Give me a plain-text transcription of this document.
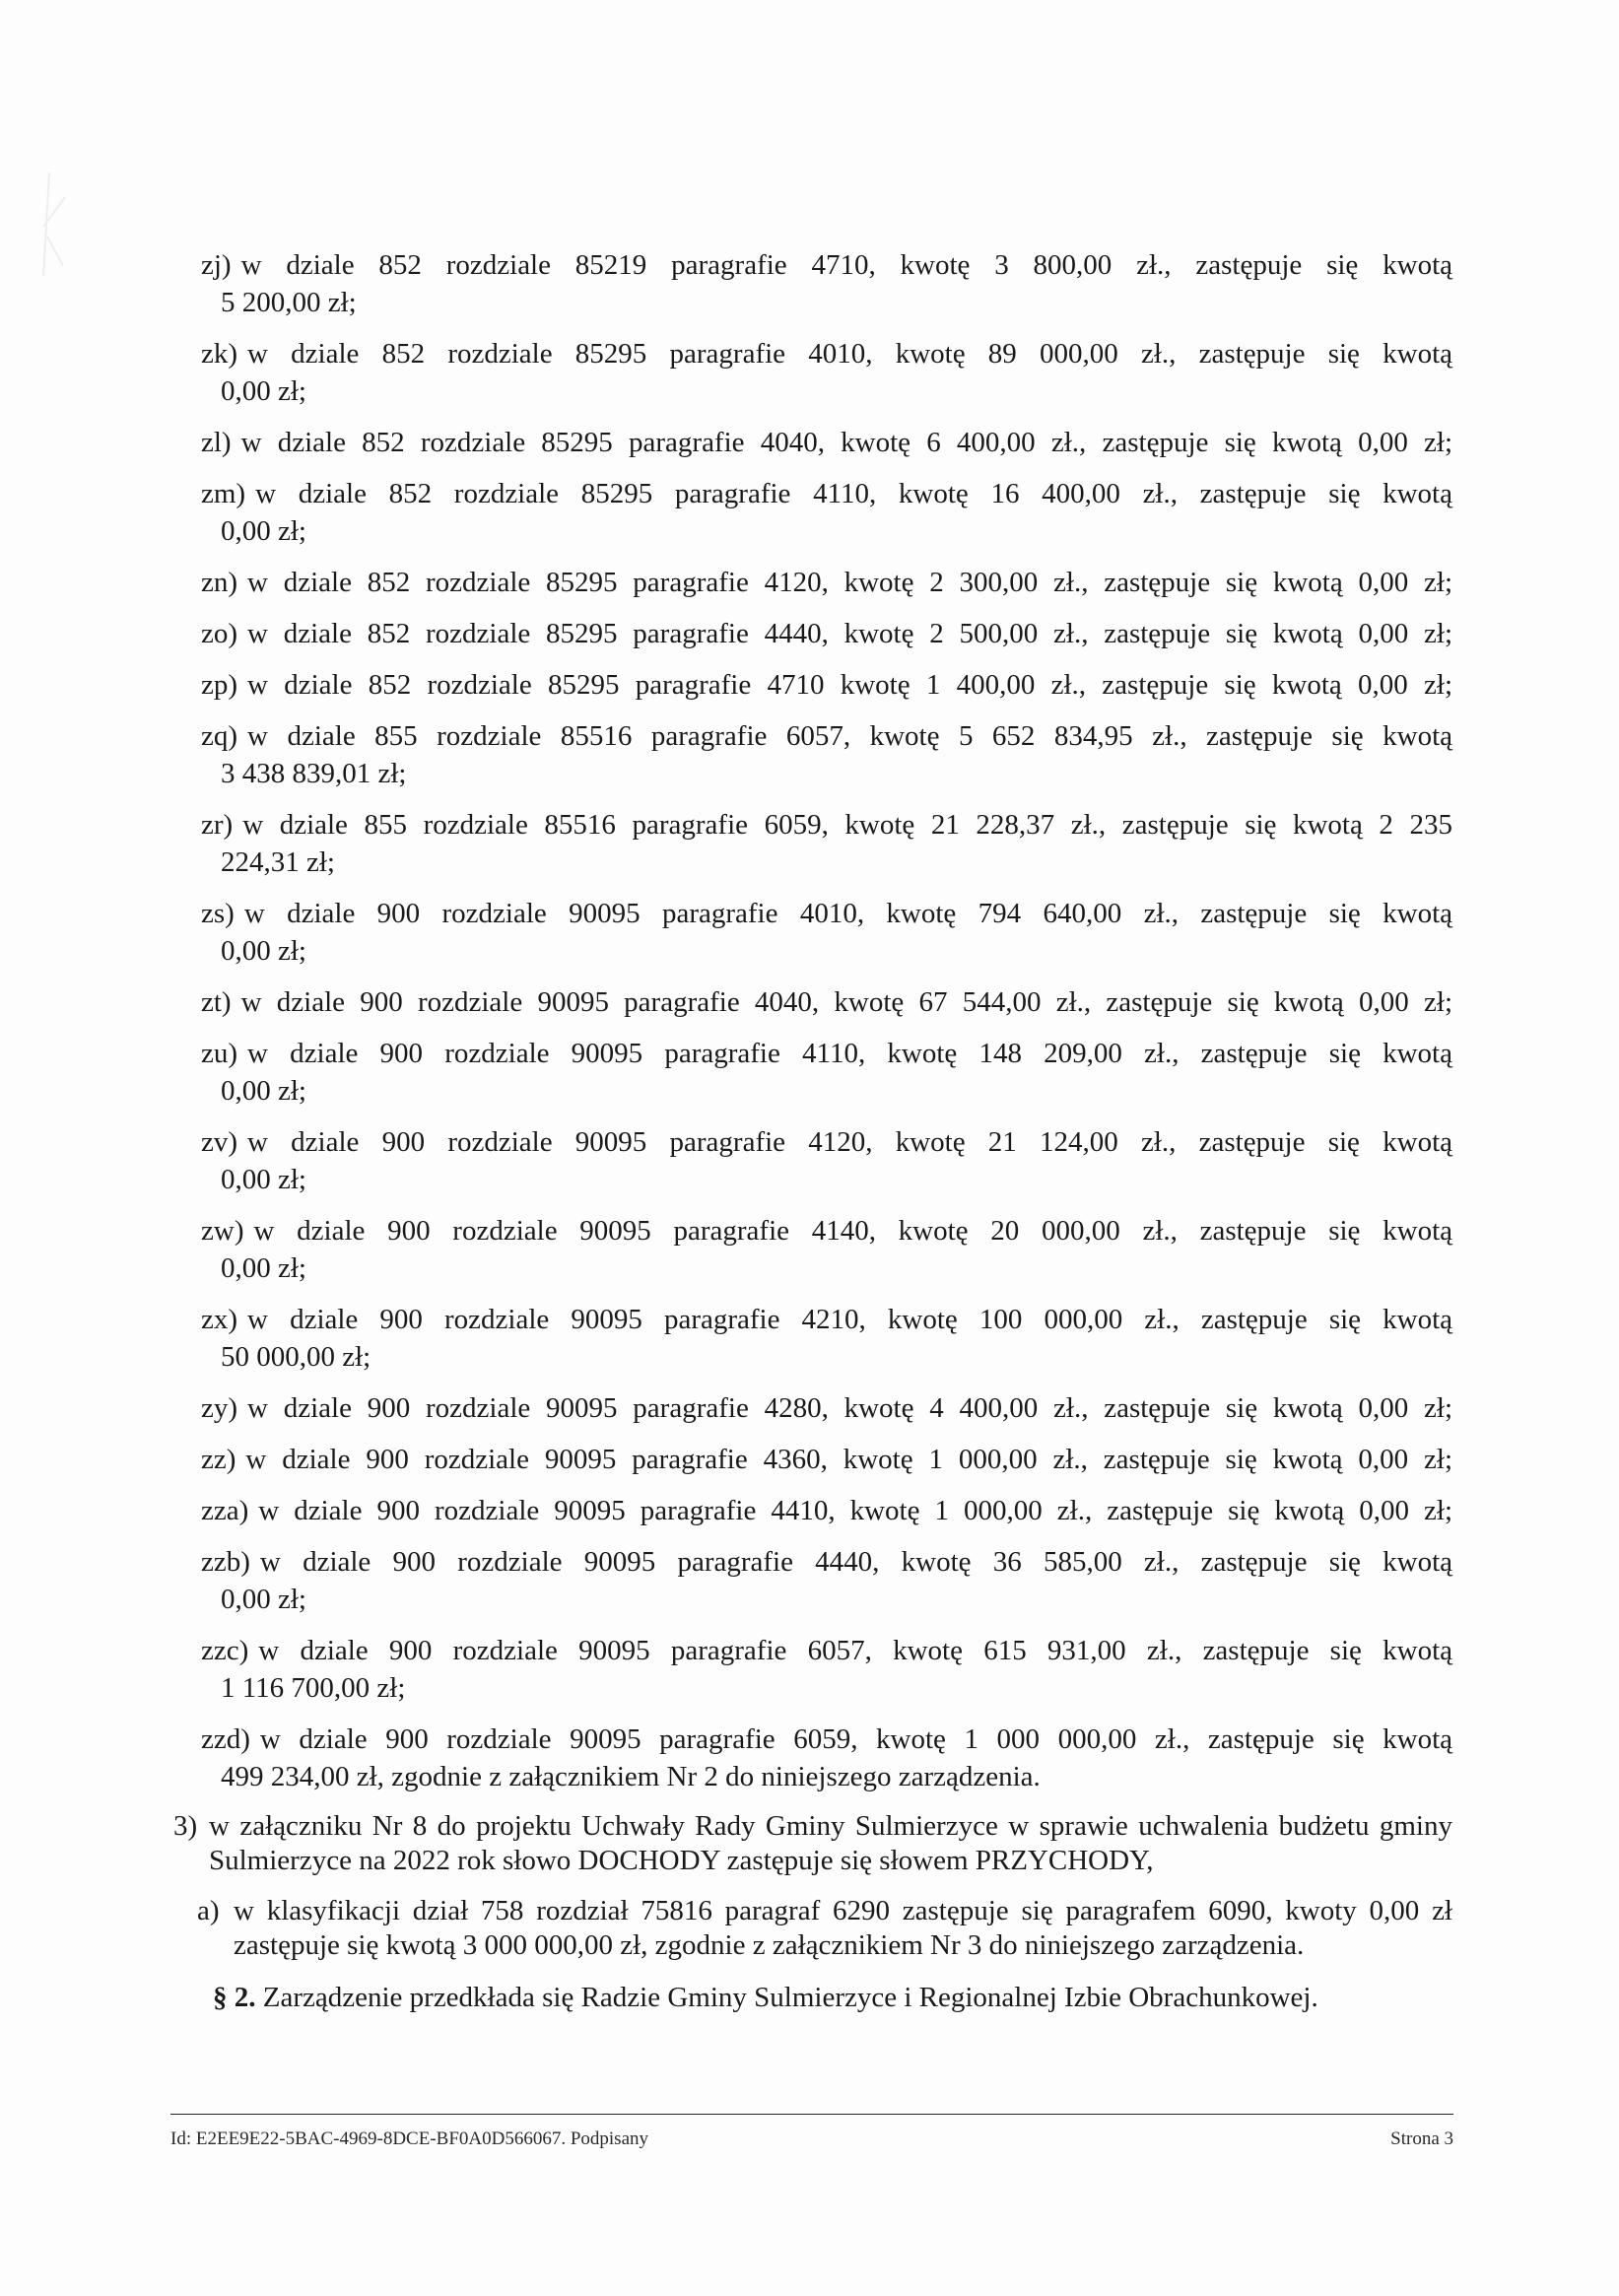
zj) w dziale 852 rozdziale 85219 paragrafie 4710, kwotę 3 800,00 zł., zastępuje się kwotą
5 200,00 zł;
zk) w dziale 852 rozdziale 85295 paragrafie 4010, kwotę 89 000,00 zł., zastępuje się kwotą
0,00 zł;
zl) w dziale 852 rozdziale 85295 paragrafie 4040, kwotę 6 400,00 zł., zastępuje się kwotą 0,00 zł;
zm) w dziale 852 rozdziale 85295 paragrafie 4110, kwotę 16 400,00 zł., zastępuje się kwotą
0,00 zł;
zn) w dziale 852 rozdziale 85295 paragrafie 4120, kwotę 2 300,00 zł., zastępuje się kwotą 0,00 zł;
zo) w dziale 852 rozdziale 85295 paragrafie 4440, kwotę 2 500,00 zł., zastępuje się kwotą 0,00 zł;
zp) w dziale 852 rozdziale 85295 paragrafie 4710 kwotę 1 400,00 zł., zastępuje się kwotą 0,00 zł;
zq) w dziale 855 rozdziale 85516 paragrafie 6057, kwotę 5 652 834,95 zł., zastępuje się kwotą
3 438 839,01 zł;
zr) w dziale 855 rozdziale 85516 paragrafie 6059, kwotę 21 228,37 zł., zastępuje się kwotą 2 235
224,31 zł;
zs) w dziale 900 rozdziale 90095 paragrafie 4010, kwotę 794 640,00 zł., zastępuje się kwotą
0,00 zł;
zt) w dziale 900 rozdziale 90095 paragrafie 4040, kwotę 67 544,00 zł., zastępuje się kwotą 0,00 zł;
zu) w dziale 900 rozdziale 90095 paragrafie 4110, kwotę 148 209,00 zł., zastępuje się kwotą
0,00 zł;
zv) w dziale 900 rozdziale 90095 paragrafie 4120, kwotę 21 124,00 zł., zastępuje się kwotą
0,00 zł;
zw) w dziale 900 rozdziale 90095 paragrafie 4140, kwotę 20 000,00 zł., zastępuje się kwotą
0,00 zł;
zx) w dziale 900 rozdziale 90095 paragrafie 4210, kwotę 100 000,00 zł., zastępuje się kwotą
50 000,00 zł;
zy) w dziale 900 rozdziale 90095 paragrafie 4280, kwotę 4 400,00 zł., zastępuje się kwotą 0,00 zł;
zz) w dziale 900 rozdziale 90095 paragrafie 4360, kwotę 1 000,00 zł., zastępuje się kwotą 0,00 zł;
zza) w dziale 900 rozdziale 90095 paragrafie 4410, kwotę 1 000,00 zł., zastępuje się kwotą 0,00 zł;
zzb) w dziale 900 rozdziale 90095 paragrafie 4440, kwotę 36 585,00 zł., zastępuje się kwotą
0,00 zł;
zzc) w dziale 900 rozdziale 90095 paragrafie 6057, kwotę 615 931,00 zł., zastępuje się kwotą
1 116 700,00 zł;
zzd) w dziale 900 rozdziale 90095 paragrafie 6059, kwotę 1 000 000,00 zł., zastępuje się kwotą
499 234,00 zł, zgodnie z załącznikiem Nr 2 do niniejszego zarządzenia.
3) w załączniku Nr 8 do projektu Uchwały Rady Gminy Sulmierzyce w sprawie uchwalenia budżetu gminy Sulmierzyce na 2022 rok słowo DOCHODY zastępuje się słowem PRZYCHODY,
a) w klasyfikacji dział 758 rozdział 75816 paragraf 6290 zastępuje się paragrafem 6090, kwoty 0,00 zł zastępuje się kwotą 3 000 000,00 zł, zgodnie z załącznikiem Nr 3 do niniejszego zarządzenia.
§ 2. Zarządzenie przedkłada się Radzie Gminy Sulmierzyce i Regionalnej Izbie Obrachunkowej.
Id: E2EE9E22-5BAC-4969-8DCE-BF0A0D566067. Podpisany	Strona 3
